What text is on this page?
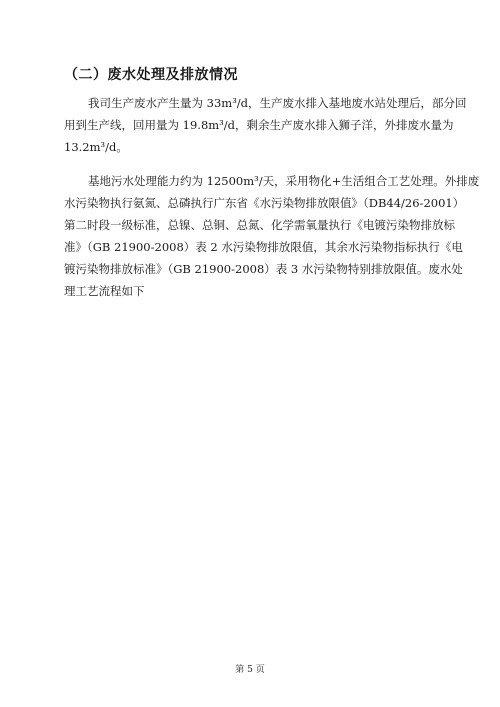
（二）废水处理及排放情况
我司生产废水产生量为 33m³/d，生产废水排入基地废水站处理后，部分回
用到生产线，回用量为 19.8m³/d，剩余生产废水排入狮子洋，外排废水量为
13.2m³/d。
基地污水处理能力约为 12500m³/天，采用物化+生活组合工艺处理。外排废
水污染物执行氨氮、总磷执行广东省《水污染物排放限值》（DB44/26-2001）
第二时段一级标准，总镍、总铜、总氮、化学需氧量执行《电镀污染物排放标
准》（GB 21900-2008）表 2 水污染物排放限值，其余水污染物指标执行《电
镀污染物排放标准》（GB 21900-2008）表 3 水污染物特别排放限值。废水处
理工艺流程如下
第 5 页
